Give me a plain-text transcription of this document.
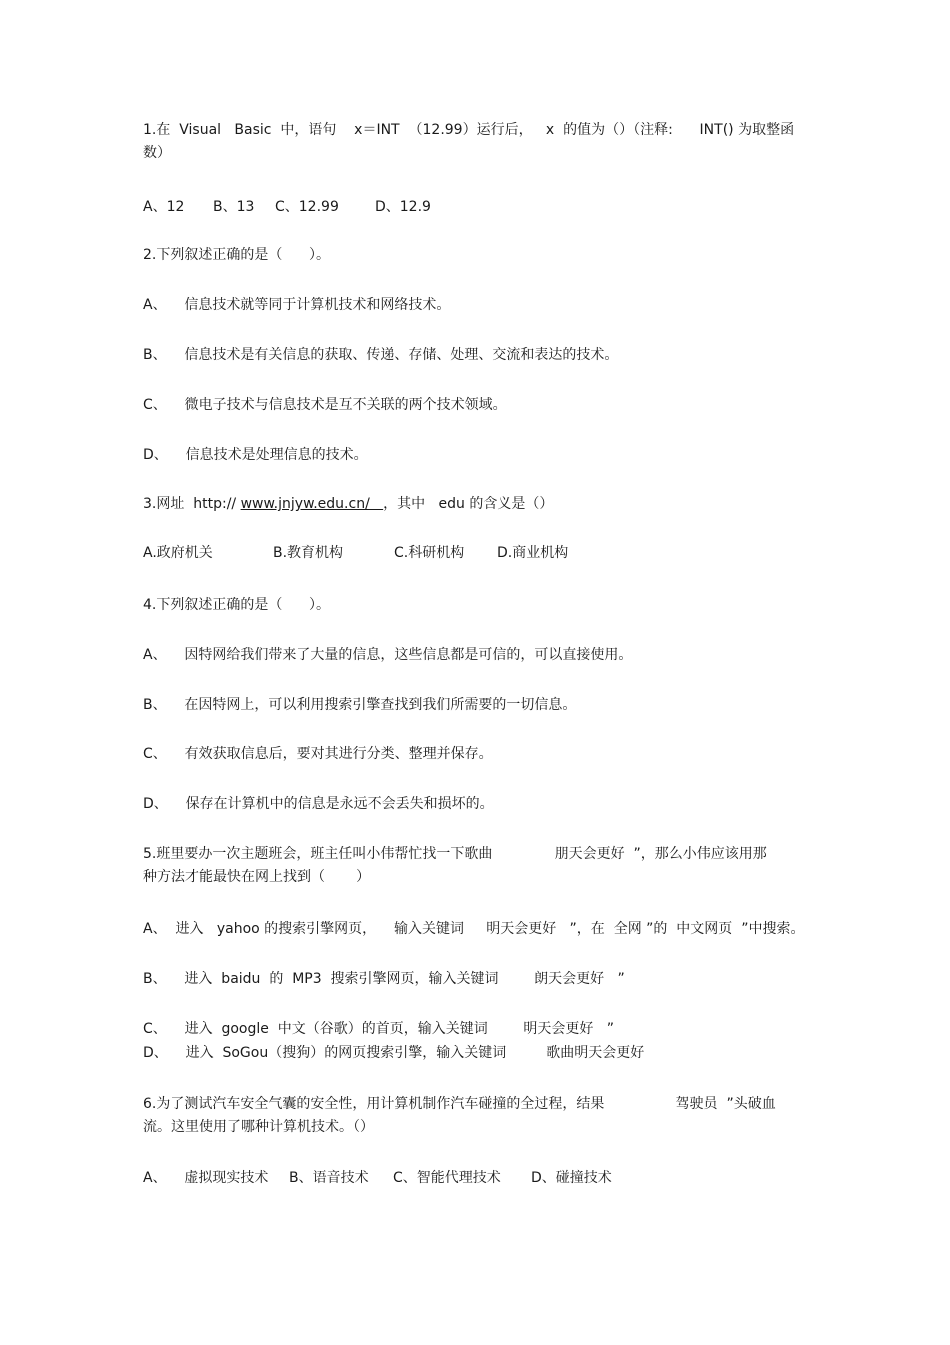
1.在  Visual   Basic  中，语句    x＝INT  （12.99）运行后，   x  的值为（）（注释:      INT() 为取整函
数）
A、12 B、13 C、12.99	D、12.9
2.下列叙述正确的是（      ）。
A、    信息技术就等同于计算机技术和网络技术。
B、    信息技术是有关信息的获取、传递、存储、处理、交流和表达的技术。
C、    微电子技术与信息技术是互不关联的两个技术领域。
D、    信息技术是处理信息的技术。
3.网址  http:// www.jnjyw.edu.cn/   ，其中   edu 的含义是（）
A.政府机关	B.教育机构	C.科研机构 D.商业机构
4.下列叙述正确的是（      ）。
A、    因特网给我们带来了大量的信息，这些信息都是可信的，可以直接使用。
B、    在因特网上，可以利用搜索引擎查找到我们所需要的一切信息。
C、    有效获取信息后，要对其进行分类、整理并保存。
D、    保存在计算机中的信息是永远不会丢失和损坏的。
5.班里要办一次主题班会，班主任叫小伟帮忙找一下歌曲              朋天会更好  ”，那么小伟应该用那
种方法才能最快在网上找到（       ）
A、  进入   yahoo 的搜索引擎网页，    输入关键词     明天会更好   ”，在  全网 ”的  中文网页  ”中搜索。
B、    进入  baidu  的  MP3  搜索引擎网页，输入关键词        朗天会更好   ”
C、    进入  google  中文（谷歌）的首页，输入关键词        明天会更好   ”
D、    进入  SoGou（搜狗）的网页搜索引擎，输入关键词         歌曲明天会更好
6.为了测试汽车安全气囊的安全性，用计算机制作汽车碰撞的全过程，结果                驾驶员  ”头破血
流。这里使用了哪种计算机技术。（）
A、    虚拟现实技术 B、语音技术 C、智能代理技术 D、碰撞技术
